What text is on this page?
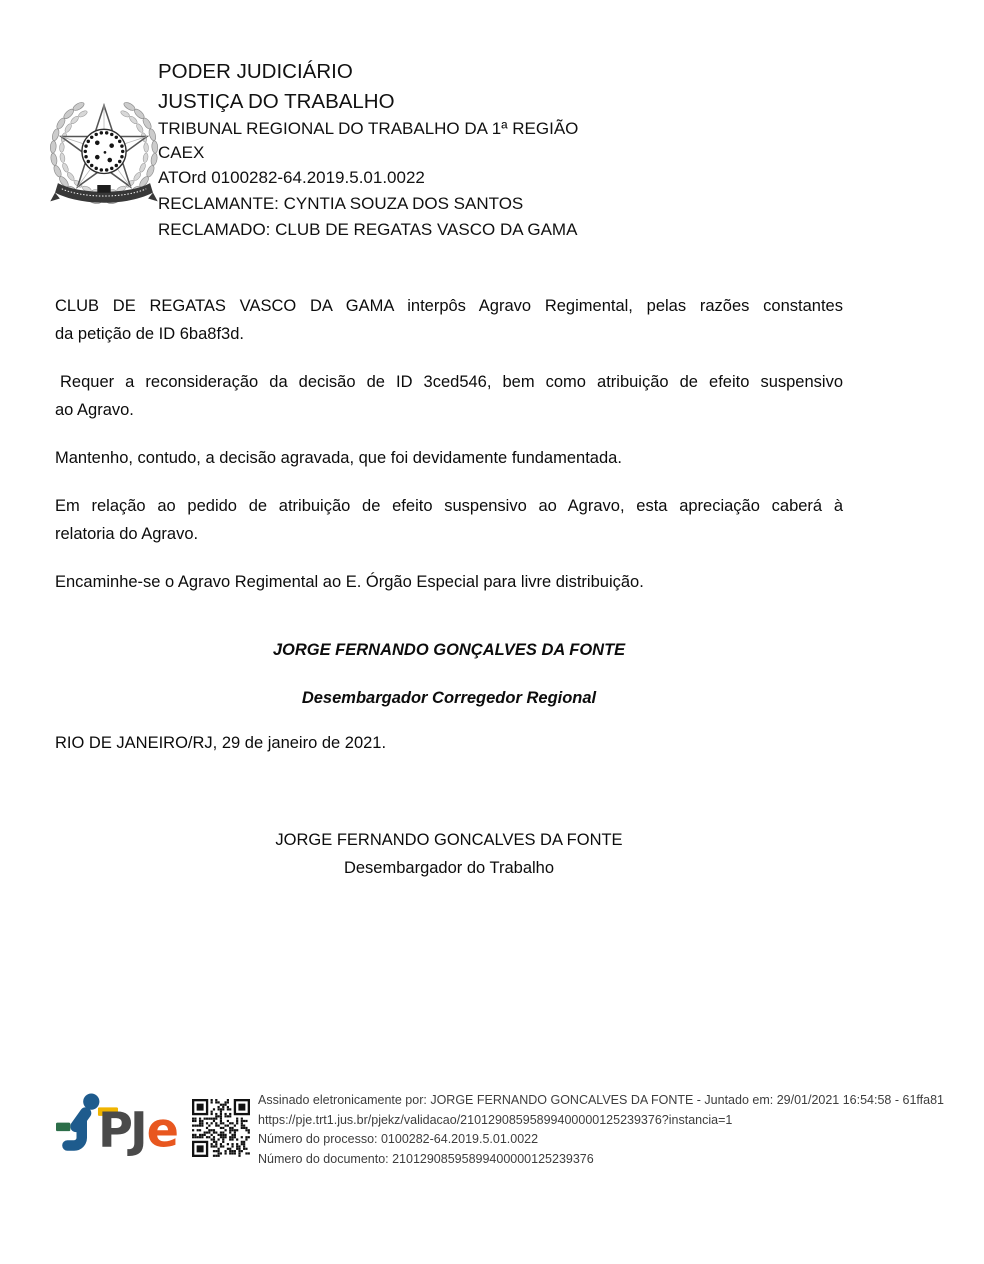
PODER JUDICIÁRIO
JUSTIÇA DO TRABALHO
TRIBUNAL REGIONAL DO TRABALHO DA 1ª REGIÃO
CAEX
ATOrd 0100282-64.2019.5.01.0022
RECLAMANTE: CYNTIA SOUZA DOS SANTOS
RECLAMADO: CLUB DE REGATAS VASCO DA GAMA

CLUB DE REGATAS VASCO DA GAMA interpôs Agravo Regimental, pelas razões constantes
da petição de ID 6ba8f3d.

Requer a reconsideração da decisão de ID 3ced546, bem como atribuição de efeito suspensivo
ao Agravo.

Mantenho, contudo, a decisão agravada, que foi devidamente fundamentada.

Em relação ao pedido de atribuição de efeito suspensivo ao Agravo, esta apreciação caberá à
relatoria do Agravo.

Encaminhe-se o Agravo Regimental ao E. Órgão Especial para livre distribuição.

JORGE FERNANDO GONÇALVES DA FONTE
Desembargador Corregedor Regional
RIO DE JANEIRO/RJ, 29 de janeiro de 2021.
JORGE FERNANDO GONCALVES DA FONTE
Desembargador do Trabalho
PJ e
Assinado eletronicamente por: JORGE FERNANDO GONCALVES DA FONTE - Juntado em: 29/01/2021 16:54:58 - 61ffa81
https://pje.trt1.jus.br/pjekz/validacao/21012908595899400000125239376?instancia=1
Número do processo: 0100282-64.2019.5.01.0022
Número do documento: 21012908595899400000125239376
